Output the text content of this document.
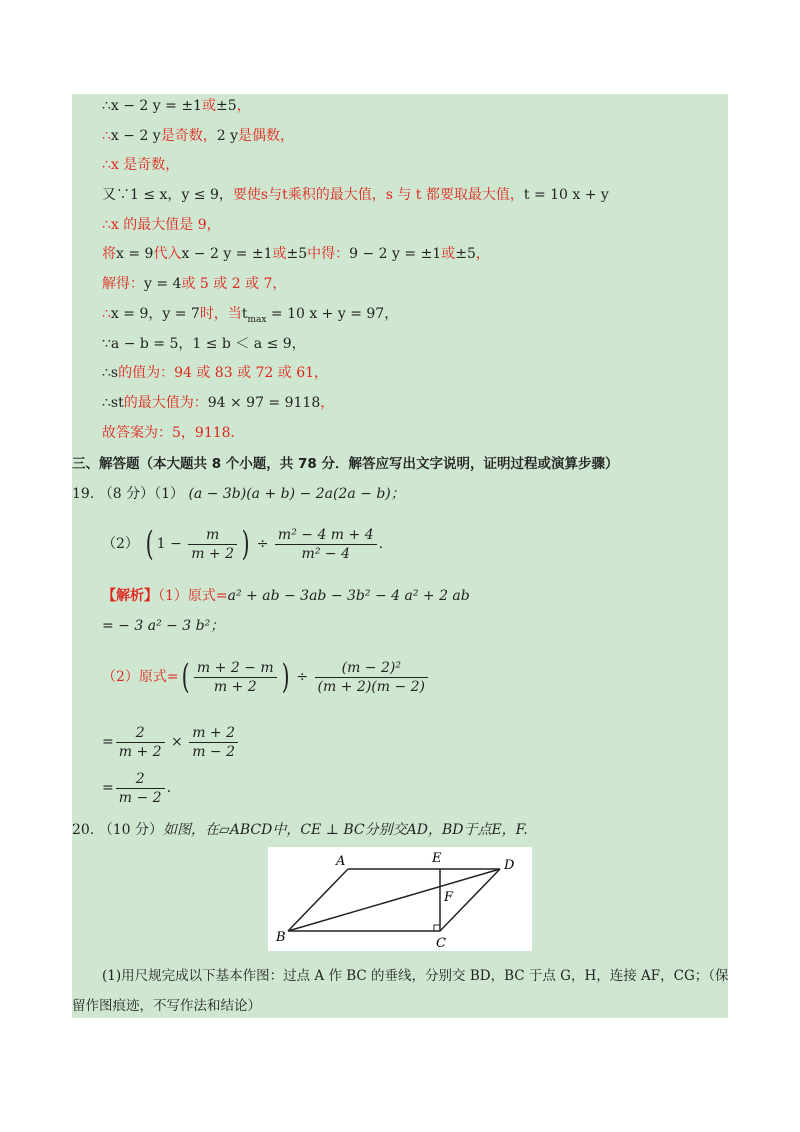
∴x − 2 y = ±1或±5，
∴x − 2 y是奇数，2 y是偶数，
∴x 是奇数，
又∵1 ≤ x，y ≤ 9，要使s与t乘积的最大值，s 与 t 都要取最大值，t = 10 x + y
∴x 的最大值是 9，
将x = 9代入x − 2 y = ±1或±5中得：9 − 2 y = ±1或±5，
解得：y = 4或 5 或 2 或 7，
∴x = 9，y = 7时，当$t_{max} = 10$ x + y = 97，
∵a − b = 5，1 ≤ b ＜ a ≤ 9，
∴s的值为：94 或 83 或 72 或 61，
∴st的最大值为：94 × 97 = 9118，
故答案为：5，9118．
三、解答题（本大题共 8 个小题，共 78 分．解答应写出文字说明，证明过程或演算步骤）
19. （8 分）（1） (a − 3b)(a + b) − 2a(2a − b)；
（2） ( $1 - \frac{m}{m + 2}$ ) ÷ $\frac{\text{m² − 4 m + 4}}{\text{m² − 4}}$ .
【解析】（1）原式=a² + ab − 3ab − 3b² − 4 a² + 2 ab
= − 3 a² − 3 b²；
（2）原式=( $\frac{m + 2 - m}{m + 2}$ ) ÷ $\frac{\text{(m − 2)²}}{(m + 2)(m - 2)}$
= $\frac{2}{m + 2} \times \frac{m + 2}{m - 2}$
= $\frac{2}{m - 2}$ .
20. （10 分）如图，在▱ABCD中，CE ⊥ BC分别交AD，BD于点E，F.
A
B	C
D
E
F
(1)用尺规完成以下基本作图：过点 A 作 BC 的垂线，分别交 BD，BC 于点 G，H，连接 AF，CG；（保
留作图痕迹，不写作法和结论）
